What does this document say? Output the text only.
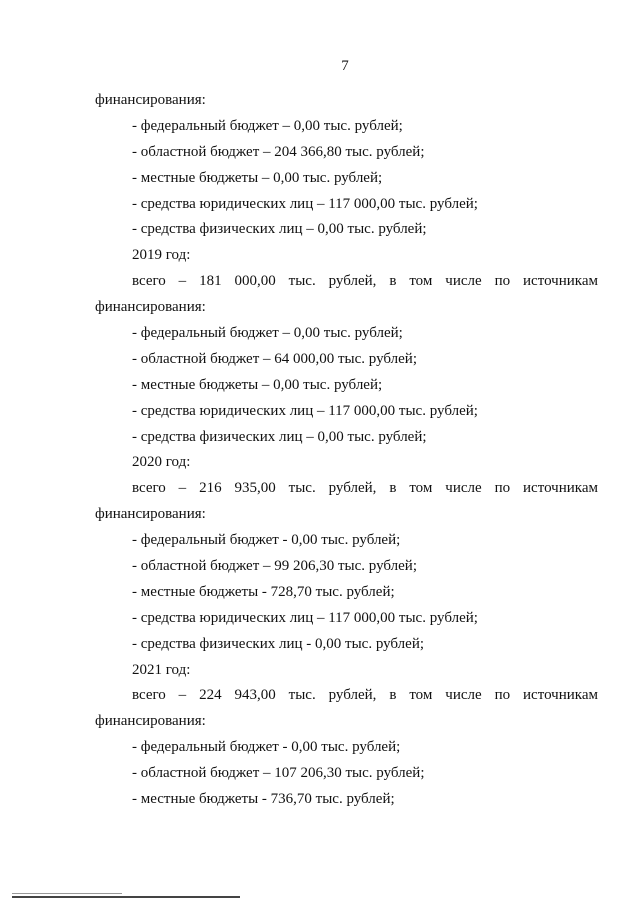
7
финансирования:
- федеральный бюджет – 0,00 тыс. рублей;
- областной бюджет – 204 366,80 тыс. рублей;
- местные бюджеты – 0,00 тыс. рублей;
- средства юридических лиц – 117 000,00 тыс. рублей;
- средства физических лиц – 0,00 тыс. рублей;
2019 год:
всего – 181 000,00 тыс. рублей, в том числе по источникам
финансирования:
- федеральный бюджет – 0,00 тыс. рублей;
- областной бюджет – 64 000,00 тыс. рублей;
- местные бюджеты – 0,00 тыс. рублей;
- средства юридических лиц – 117 000,00 тыс. рублей;
- средства физических лиц – 0,00 тыс. рублей;
2020 год:
всего – 216 935,00 тыс. рублей, в том числе по источникам
финансирования:
- федеральный бюджет - 0,00 тыс. рублей;
- областной бюджет – 99 206,30 тыс. рублей;
- местные бюджеты - 728,70 тыс. рублей;
- средства юридических лиц – 117 000,00 тыс. рублей;
- средства физических лиц - 0,00 тыс. рублей;
2021 год:
всего – 224 943,00 тыс. рублей, в том числе по источникам
финансирования:
- федеральный бюджет - 0,00 тыс. рублей;
- областной бюджет – 107 206,30 тыс. рублей;
- местные бюджеты - 736,70 тыс. рублей;
